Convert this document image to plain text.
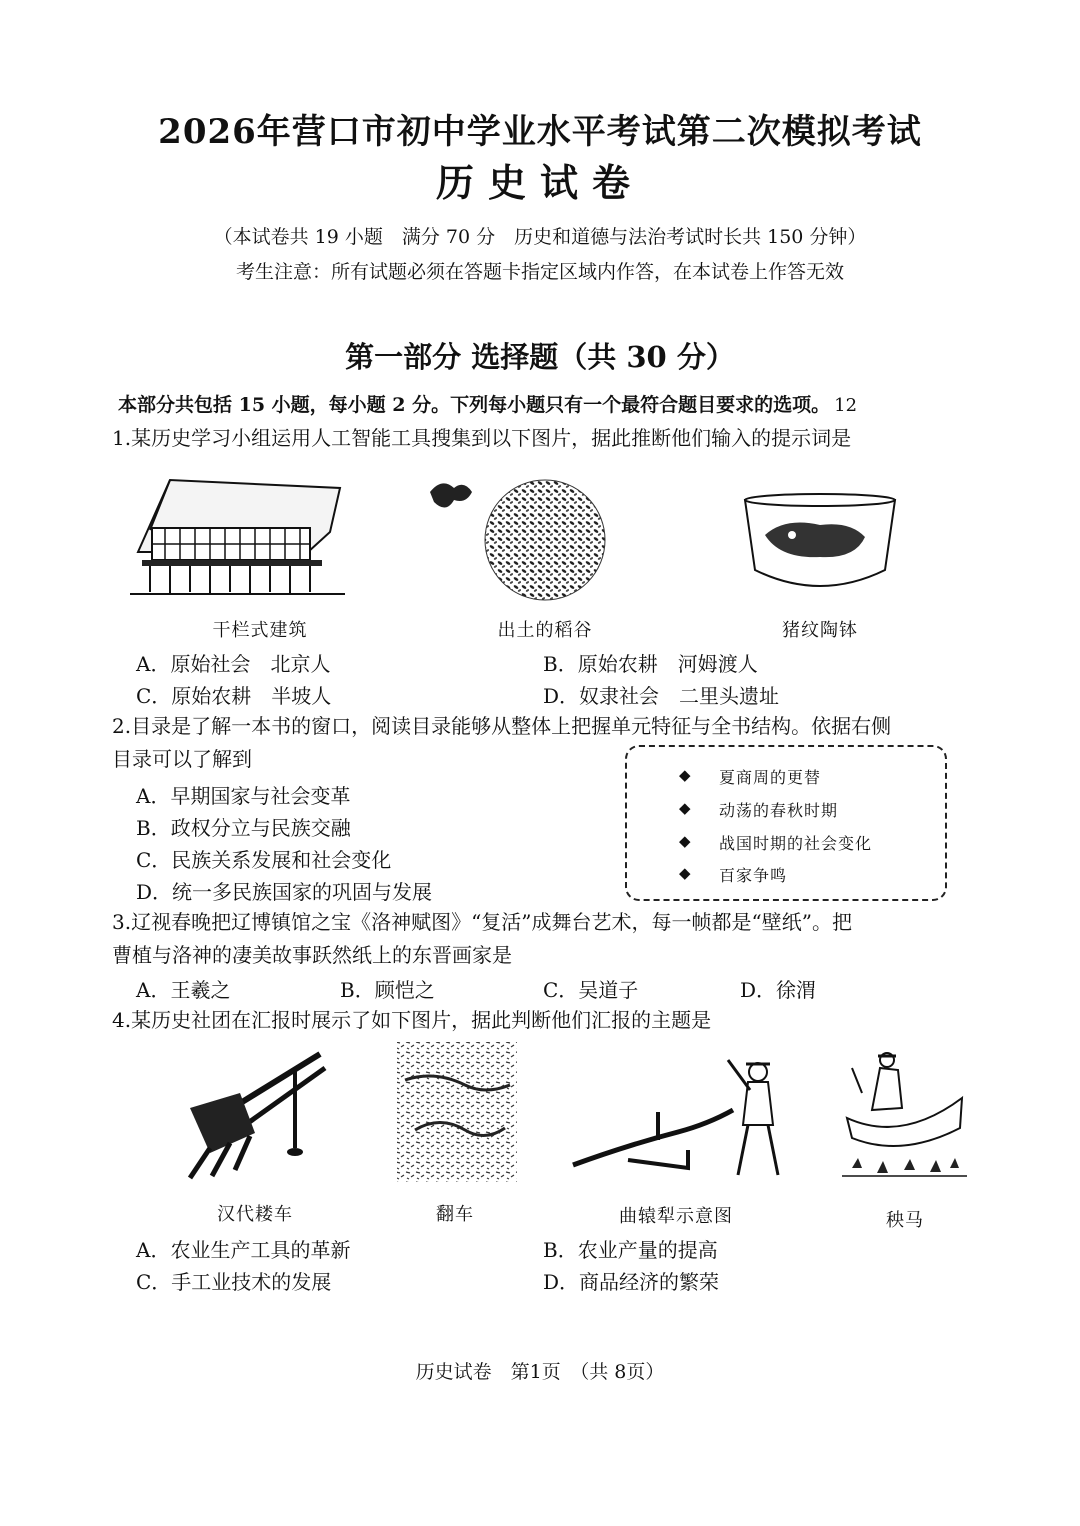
2026年营口市初中学业水平考试第二次模拟考试
历史试卷
（本试卷共 19 小题　满分 70 分　历史和道德与法治考试时长共 150 分钟）
考生注意：所有试题必须在答题卡指定区域内作答，在本试卷上作答无效
第一部分 选择题（共 30 分）
本部分共包括 15 小题，每小题 2 分。下列每小题只有一个最符合题目要求的选项。 12
1.某历史学习小组运用人工智能工具搜集到以下图片，据此推断他们输入的提示词是
干栏式建筑	出土的稻谷	猪纹陶钵
A．原始社会　北京人	B．原始农耕　河姆渡人
C．原始农耕　半坡人	D．奴隶社会　二里头遗址
2.目录是了解一本书的窗口，阅读目录能够从整体上把握单元特征与全书结构。依据右侧
目录可以了解到
A．早期国家与社会变革
B．政权分立与民族交融
C．民族关系发展和社会变化
D．统一多民族国家的巩固与发展
◆ 夏商周的更替
◆ 动荡的春秋时期
◆ 战国时期的社会变化
◆ 百家争鸣
3.辽视春晚把辽博镇馆之宝《洛神赋图》“复活”成舞台艺术，每一帧都是“壁纸”。把
曹植与洛神的凄美故事跃然纸上的东晋画家是
A．王羲之	B．顾恺之	C．吴道子	D．徐渭
4.某历史社团在汇报时展示了如下图片，据此判断他们汇报的主题是
汉代耧车	翻车	曲辕犁示意图	秧马
A．农业生产工具的革新	B．农业产量的提高
C．手工业技术的发展	D．商品经济的繁荣
历史试卷　第1页　（共 8页）
